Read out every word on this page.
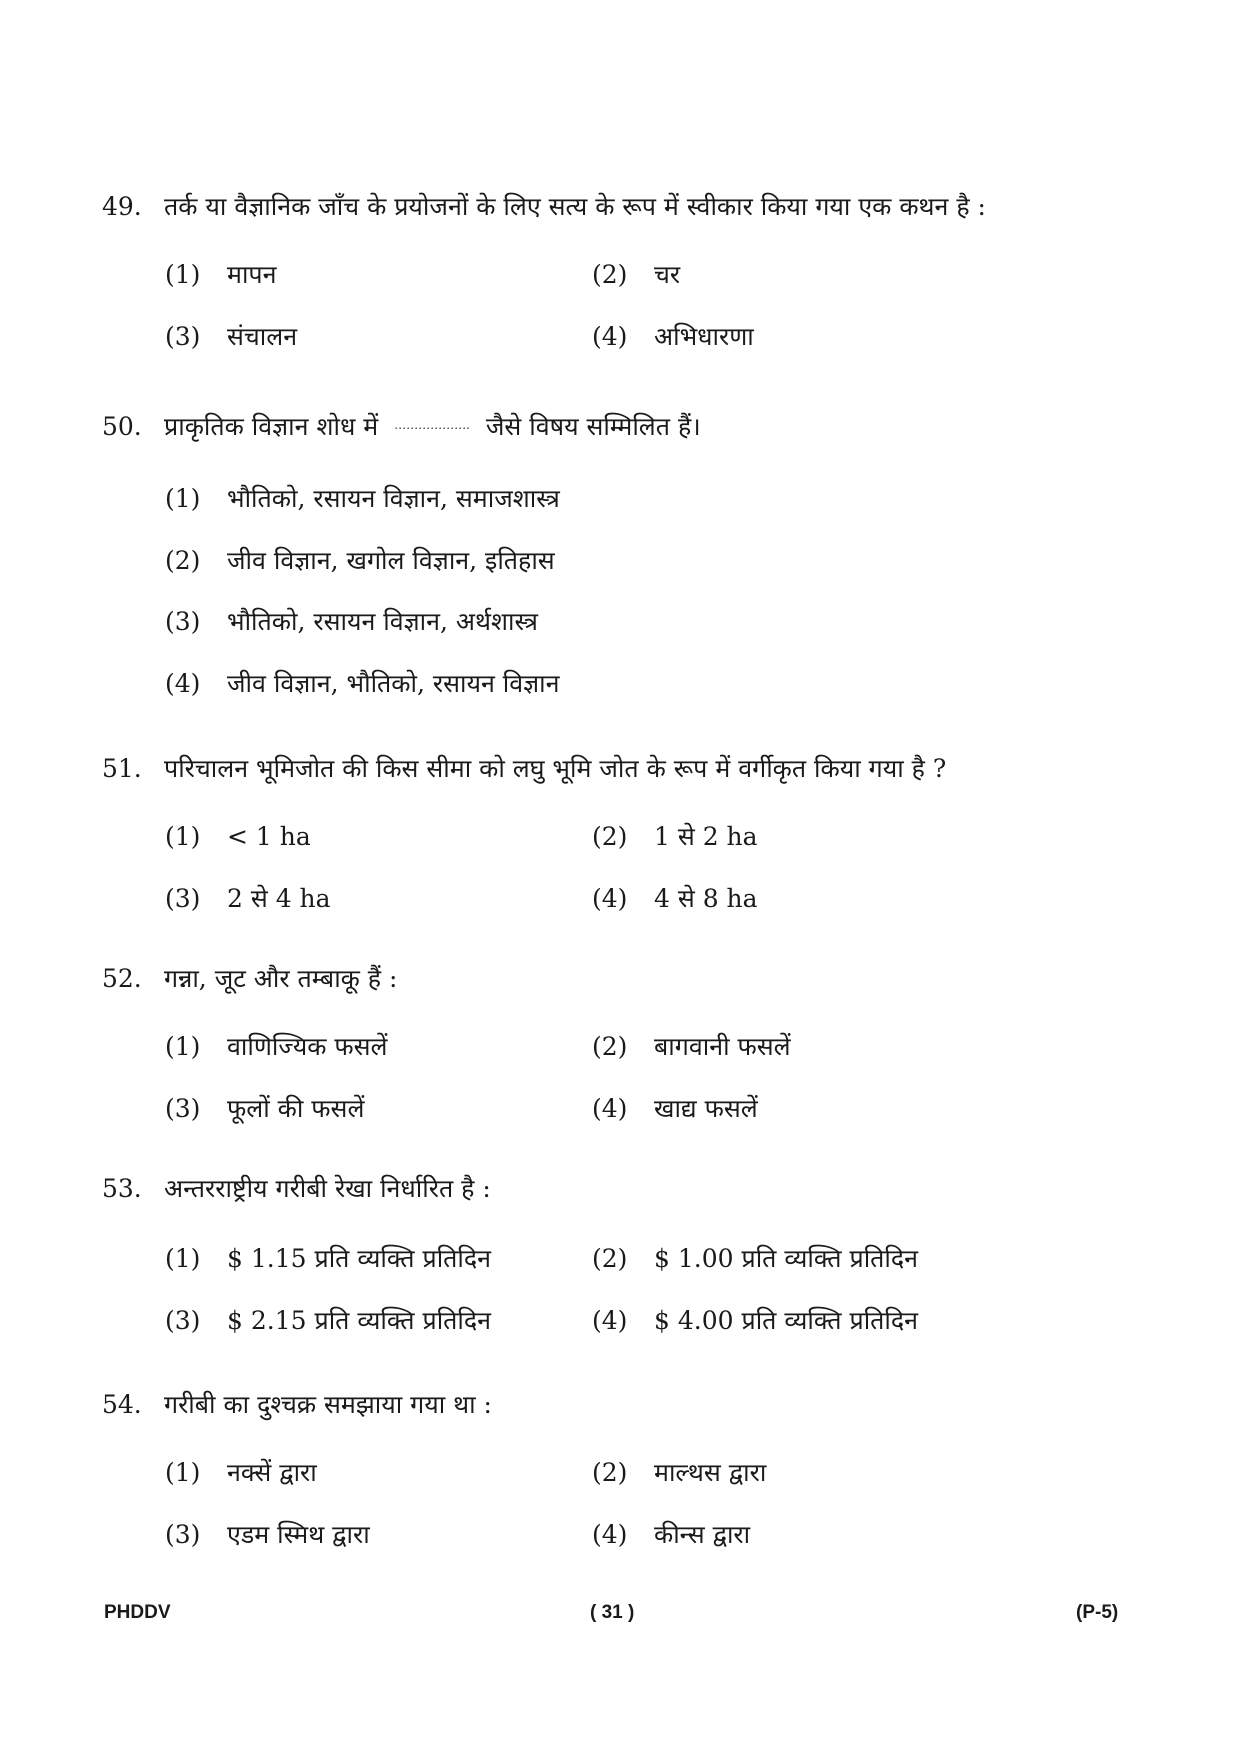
49. तर्क या वैज्ञानिक जाँच के प्रयोजनों के लिए सत्य के रूप में स्वीकार किया गया एक कथन है :
(1) मापन	(2) चर
(3) संचालन	(4) अभिधारणा
50. प्राकृतिक विज्ञान शोध में ………………. जैसे विषय सम्मिलित हैं।
(1) भौतिको, रसायन विज्ञान, समाजशास्त्र
(2) जीव विज्ञान, खगोल विज्ञान, इतिहास
(3) भौतिको, रसायन विज्ञान, अर्थशास्त्र
(4) जीव विज्ञान, भौतिको, रसायन विज्ञान
51. परिचालन भूमिजोत की किस सीमा को लघु भूमि जोत के रूप में वर्गीकृत किया गया है ?
(1) < 1 ha	(2) 1 से 2 ha
(3) 2 से 4 ha	(4) 4 से 8 ha
52. गन्ना, जूट और तम्बाकू हैं :
(1) वाणिज्यिक फसलें	(2) बागवानी फसलें
(3) फूलों की फसलें	(4) खाद्य फसलें
53. अन्तरराष्ट्रीय गरीबी रेखा निर्धारित है :
(1) $ 1.15 प्रति व्यक्ति प्रतिदिन	(2) $ 1.00 प्रति व्यक्ति प्रतिदिन
(3) $ 2.15 प्रति व्यक्ति प्रतिदिन	(4) $ 4.00 प्रति व्यक्ति प्रतिदिन
54. गरीबी का दुश्चक्र समझाया गया था :
(1) नक्सें द्वारा	(2) माल्थस द्वारा
(3) एडम स्मिथ द्वारा	(4) कीन्स द्वारा
PHDDV	( 31 )	(P-5)
